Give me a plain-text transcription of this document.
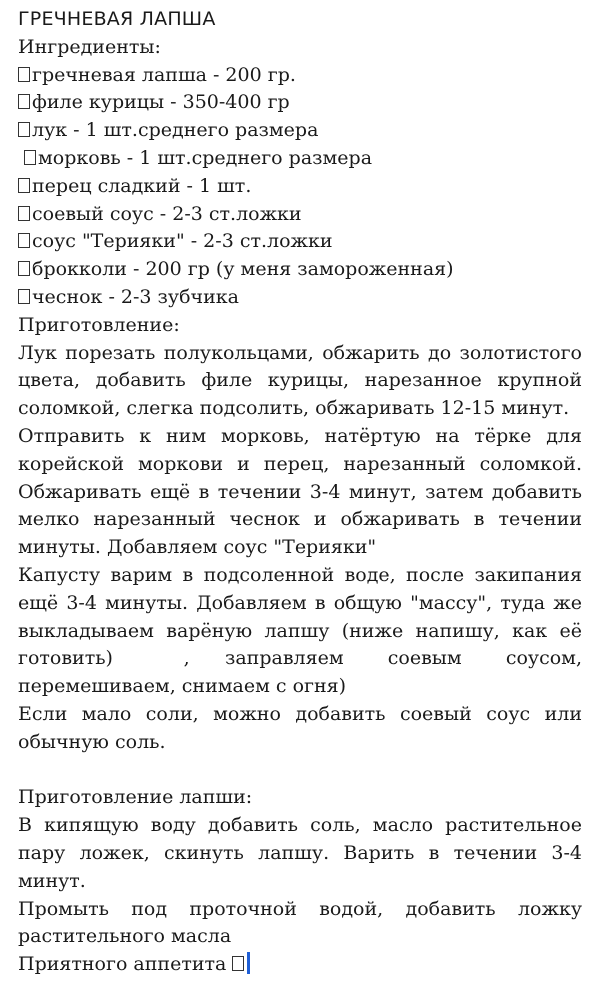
ГРЕЧНЕВАЯ ЛАПША
Ингредиенты:
гречневая лапша - 200 гр.
филе курицы - 350-400 гр
лук - 1 шт.среднего размера
морковь - 1 шт.среднего размера
перец сладкий - 1 шт.
соевый соус - 2-3 ст.ложки
соус "Терияки" - 2-3 ст.ложки
брокколи - 200 гр (у меня замороженная)
чеснок - 2-3 зубчика
Приготовление:
Лук порезать полукольцами, обжарить до золотистого цвета, добавить филе курицы, нарезанное крупной соломкой, слегка подсолить, обжаривать 12-15 минут.
Отправить к ним морковь, натёртую на тёрке для корейской моркови и перец, нарезанный соломкой. Обжаривать ещё в течении 3-4 минут, затем добавить мелко нарезанный чеснок и обжаривать в течении минуты. Добавляем соус "Терияки"
Капусту варим в подсоленной воде, после закипания ещё 3-4 минуты. Добавляем в общую "массу", туда же выкладываем варёную лапшу (ниже напишу, как её готовить)        ,    заправляем     соевым     соусом, перемешиваем, снимаем с огня)
Если мало соли, можно добавить соевый соус или обычную соль.
Приготовление лапши:
В кипящую воду добавить соль, масло растительное пару ложек, скинуть лапшу. Варить в течении 3-4 минут.
Промыть под проточной водой, добавить ложку растительного масла
Приятного аппетита
